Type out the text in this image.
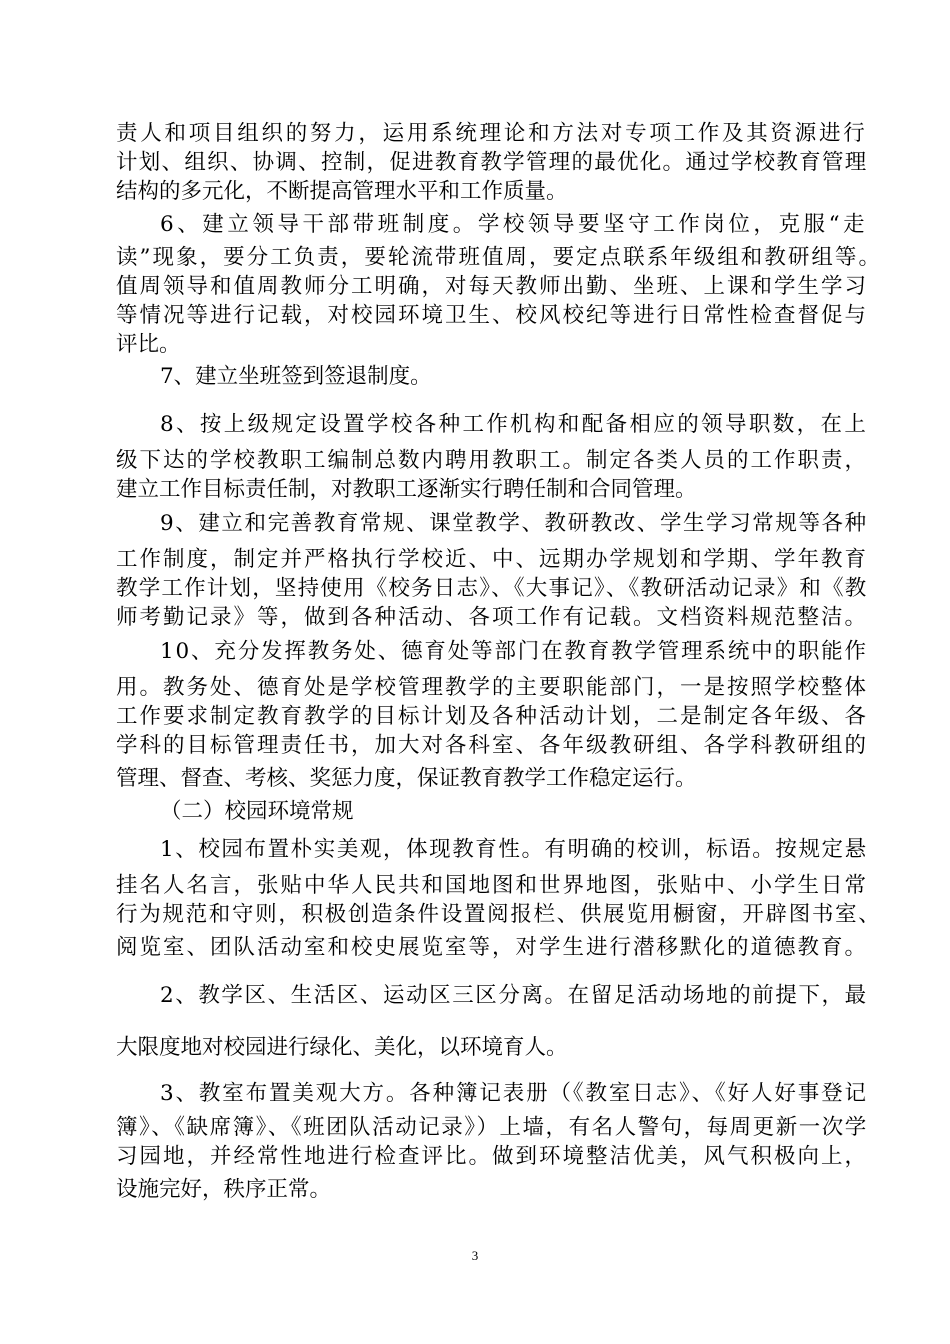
责人和项目组织的努力，运用系统理论和方法对专项工作及其资源进行
计划、组织、协调、控制，促进教育教学管理的最优化。通过学校教育管理
结构的多元化，不断提高管理水平和工作质量。
6、建立领导干部带班制度。学校领导要坚守工作岗位，克服“走
读”现象，要分工负责，要轮流带班值周，要定点联系年级组和教研组等。
值周领导和值周教师分工明确，对每天教师出勤、坐班、上课和学生学习
等情况等进行记载，对校园环境卫生、校风校纪等进行日常性检查督促与
评比。
7、建立坐班签到签退制度。
8、按上级规定设置学校各种工作机构和配备相应的领导职数，在上
级下达的学校教职工编制总数内聘用教职工。制定各类人员的工作职责，
建立工作目标责任制，对教职工逐渐实行聘任制和合同管理。
9、建立和完善教育常规、课堂教学、教研教改、学生学习常规等各种
工作制度，制定并严格执行学校近、中、远期办学规划和学期、学年教育
教学工作计划，坚持使用《校务日志》、《大事记》、《教研活动记录》和《教
师考勤记录》等，做到各种活动、各项工作有记载。文档资料规范整洁。
10、充分发挥教务处、德育处等部门在教育教学管理系统中的职能作
用。教务处、德育处是学校管理教学的主要职能部门，一是按照学校整体
工作要求制定教育教学的目标计划及各种活动计划，二是制定各年级、各
学科的目标管理责任书，加大对各科室、各年级教研组、各学科教研组的
管理、督查、考核、奖惩力度，保证教育教学工作稳定运行。
（二）校园环境常规
1、校园布置朴实美观，体现教育性。有明确的校训，标语。按规定悬
挂名人名言，张贴中华人民共和国地图和世界地图，张贴中、小学生日常
行为规范和守则，积极创造条件设置阅报栏、供展览用橱窗，开辟图书室、
阅览室、团队活动室和校史展览室等，对学生进行潜移默化的道德教育。
2、教学区、生活区、运动区三区分离。在留足活动场地的前提下，最
大限度地对校园进行绿化、美化，以环境育人。
3、教室布置美观大方。各种簿记表册（《教室日志》、《好人好事登记
簿》、《缺席簿》、《班团队活动记录》）上墙，有名人警句，每周更新一次学
习园地，并经常性地进行检查评比。做到环境整洁优美，风气积极向上，
设施完好，秩序正常。
3
